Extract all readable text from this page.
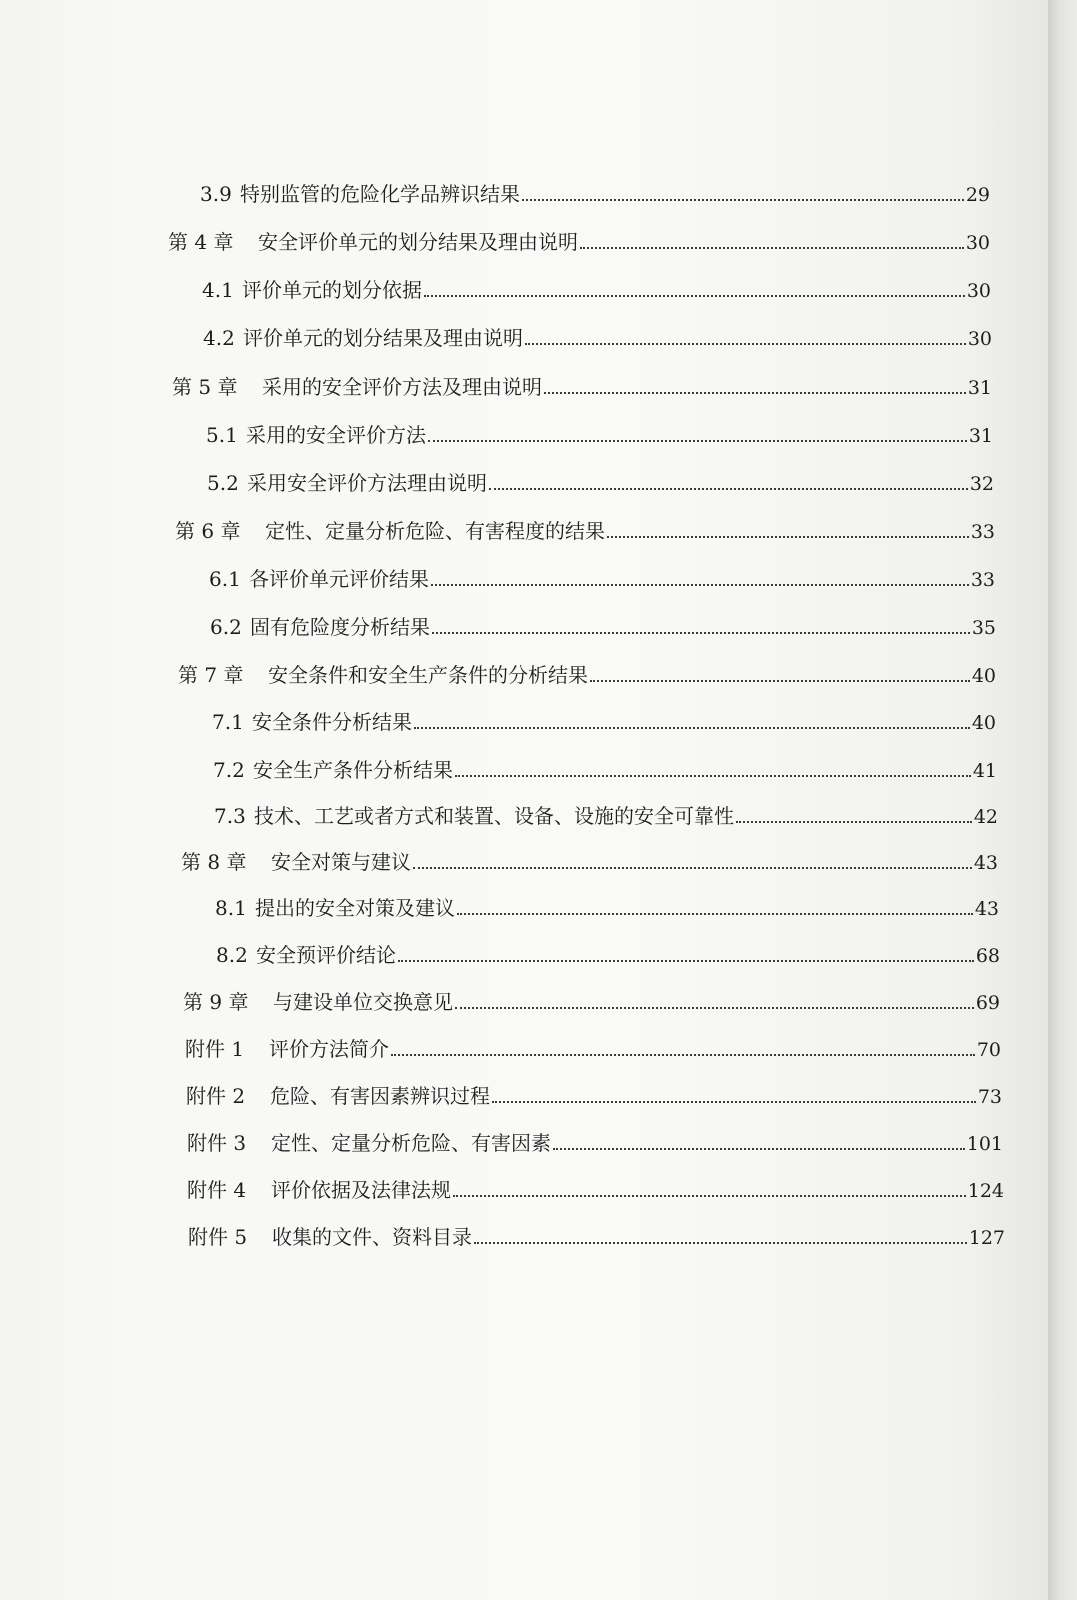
3.9 特别监管的危险化学品辨识结果	29
第 4 章	安全评价单元的划分结果及理由说明	30
4.1 评价单元的划分依据	30
4.2 评价单元的划分结果及理由说明	30
第 5 章	采用的安全评价方法及理由说明	31
5.1 采用的安全评价方法	31
5.2 采用安全评价方法理由说明	32
第 6 章	定性、定量分析危险、有害程度的结果	33
6.1 各评价单元评价结果	33
6.2 固有危险度分析结果	35
第 7 章	安全条件和安全生产条件的分析结果	40
7.1 安全条件分析结果	40
7.2 安全生产条件分析结果	41
7.3 技术、工艺或者方式和装置、设备、设施的安全可靠性	42
第 8 章	安全对策与建议	43
8.1 提出的安全对策及建议	43
8.2 安全预评价结论	68
第 9 章	与建设单位交换意见	69
附件 1	评价方法简介	70
附件 2	危险、有害因素辨识过程	73
附件 3	定性、定量分析危险、有害因素	101
附件 4	评价依据及法律法规	124
附件 5	收集的文件、资料目录	127
